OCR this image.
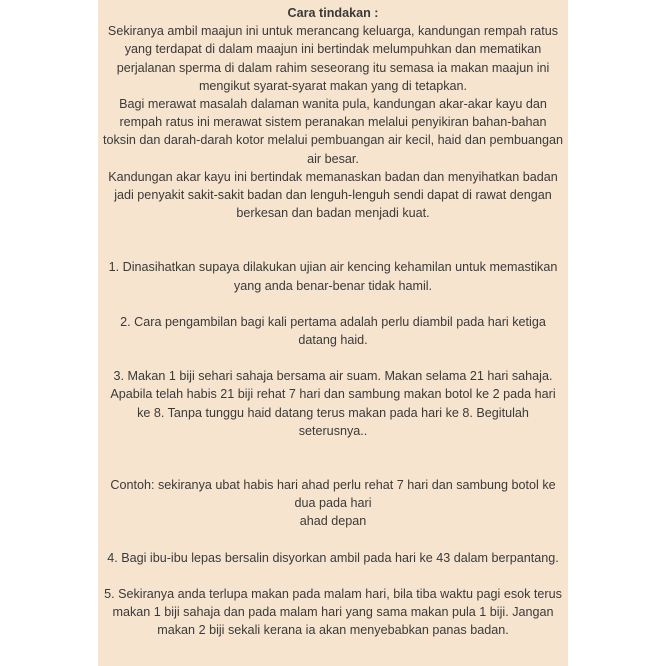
Cara tindakan :

Sekiranya ambil maajun ini untuk merancang keluarga, kandungan rempah ratus yang terdapat di dalam maajun ini bertindak melumpuhkan dan mematikan perjalanan sperma di dalam rahim seseorang itu semasa ia makan maajun ini mengikut syarat-syarat makan yang di tetapkan.

Bagi merawat masalah dalaman wanita pula, kandungan akar-akar kayu dan rempah ratus ini merawat sistem peranakan melalui penyikiran bahan-bahan toksin dan darah-darah kotor melalui pembuangan air kecil, haid dan pembuangan air besar.

Kandungan akar kayu ini bertindak memanaskan badan dan menyihatkan badan jadi penyakit sakit-sakit badan dan lenguh-lenguh sendi dapat di rawat dengan berkesan dan badan menjadi kuat.

1. Dinasihatkan supaya dilakukan ujian air kencing kehamilan untuk memastikan yang anda benar-benar tidak hamil.

2. Cara pengambilan bagi kali pertama adalah perlu diambil pada hari ketiga datang haid.

3. Makan 1 biji sehari sahaja bersama air suam. Makan selama 21 hari sahaja. Apabila telah habis 21 biji rehat 7 hari dan sambung makan botol ke 2 pada hari ke 8. Tanpa tunggu haid datang terus makan pada hari ke 8. Begitulah seterusnya..

Contoh: sekiranya ubat habis hari ahad perlu rehat 7 hari dan sambung botol ke dua pada hari

ahad depan

4. Bagi ibu-ibu lepas bersalin disyorkan ambil pada hari ke 43 dalam berpantang.

5. Sekiranya anda terlupa makan pada malam hari, bila tiba waktu pagi esok terus makan 1 biji sahaja dan pada malam hari yang sama makan pula 1 biji. Jangan makan 2 biji sekali kerana ia akan menyebabkan panas badan.
